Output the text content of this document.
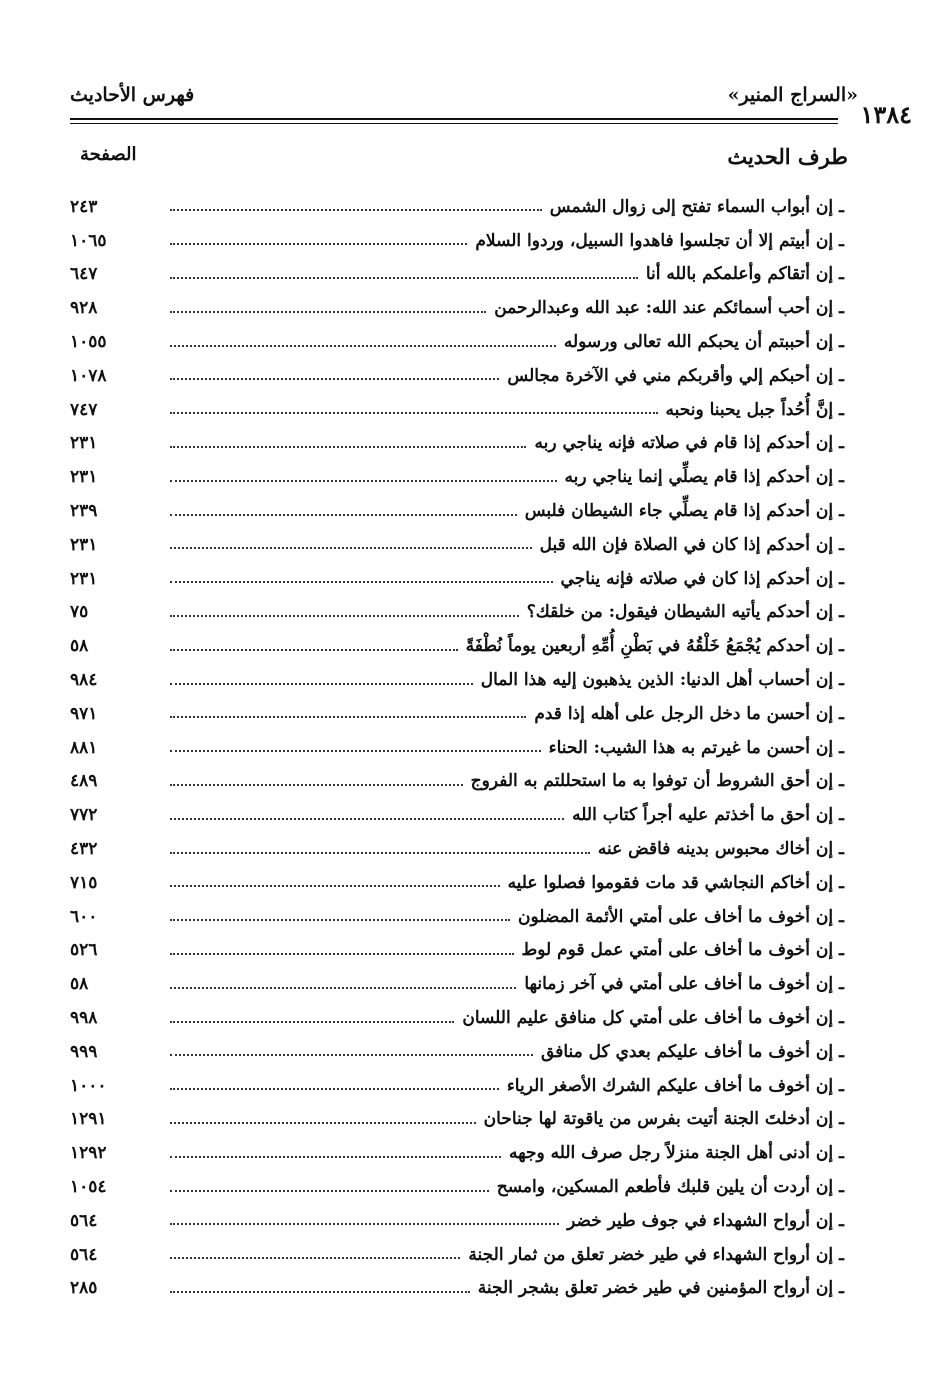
«السراج المنير»
فهرس الأحاديث
١٣٨٤
طرف الحديث
الصفحة
ـ إن أبواب السماء تفتح إلى زوال الشمس
٢٤٣
ـ إن أبيتم إلا أن تجلسوا فاهدوا السبيل، وردوا السلام
١٠٦٥
ـ إن أتقاكم وأعلمكم بالله أنا
٦٤٧
ـ إن أحب أسمائكم عند الله: عبد الله وعبدالرحمن
٩٢٨
ـ إن أحببتم أن يحبكم الله تعالى ورسوله
١٠٥٥
ـ إن أحبكم إلي وأقربكم مني في الآخرة مجالس
١٠٧٨
ـ إنَّ أُحُداً جبل يحبنا ونحبه
٧٤٧
ـ إن أحدكم إذا قام في صلاته فإنه يناجي ربه
٢٣١
ـ إن أحدكم إذا قام يصلِّي إنما يناجي ربه
٢٣١
ـ إن أحدكم إذا قام يصلِّي جاء الشيطان فلبس
٢٣٩
ـ إن أحدكم إذا كان في الصلاة فإن الله قبل
٢٣١
ـ إن أحدكم إذا كان في صلاته فإنه يناجي
٢٣١
ـ إن أحدكم يأتيه الشيطان فيقول: من خلقك؟
٧٥
ـ إن أحدكم يُجْمَعُ خَلْقُهُ في بَطْنِ أُمِّهِ أربعين يوماً نُطْفَةً
٥٨
ـ إن أحساب أهل الدنيا: الذين يذهبون إليه هذا المال
٩٨٤
ـ إن أحسن ما دخل الرجل على أهله إذا قدم
٩٧١
ـ إن أحسن ما غيرتم به هذا الشيب: الحناء
٨٨١
ـ إن أحق الشروط أن توفوا به ما استحللتم به الفروج
٤٨٩
ـ إن أحق ما أخذتم عليه أجراً كتاب الله
٧٧٢
ـ إن أخاك محبوس بدينه فاقض عنه
٤٣٢
ـ إن أخاكم النجاشي قد مات فقوموا فصلوا عليه
٧١٥
ـ إن أخوف ما أخاف على أمتي الأئمة المضلون
٦٠٠
ـ إن أخوف ما أخاف على أمتي عمل قوم لوط
٥٢٦
ـ إن أخوف ما أخاف على أمتي في آخر زمانها
٥٨
ـ إن أخوف ما أخاف على أمتي كل منافق عليم اللسان
٩٩٨
ـ إن أخوف ما أخاف عليكم بعدي كل منافق
٩٩٩
ـ إن أخوف ما أخاف عليكم الشرك الأصغر الرياء
١٠٠٠
ـ إن أدخلتَ الجنة أتيت بفرس من ياقوتة لها جناحان
١٢٩١
ـ إن أدنى أهل الجنة منزلاً رجل صرف الله وجهه
١٢٩٢
ـ إن أردت أن يلين قلبك فأطعم المسكين، وامسح
١٠٥٤
ـ إن أرواح الشهداء في جوف طير خضر
٥٦٤
ـ إن أرواح الشهداء في طير خضر تعلق من ثمار الجنة
٥٦٤
ـ إن أرواح المؤمنين في طير خضر تعلق بشجر الجنة
٢٨٥
